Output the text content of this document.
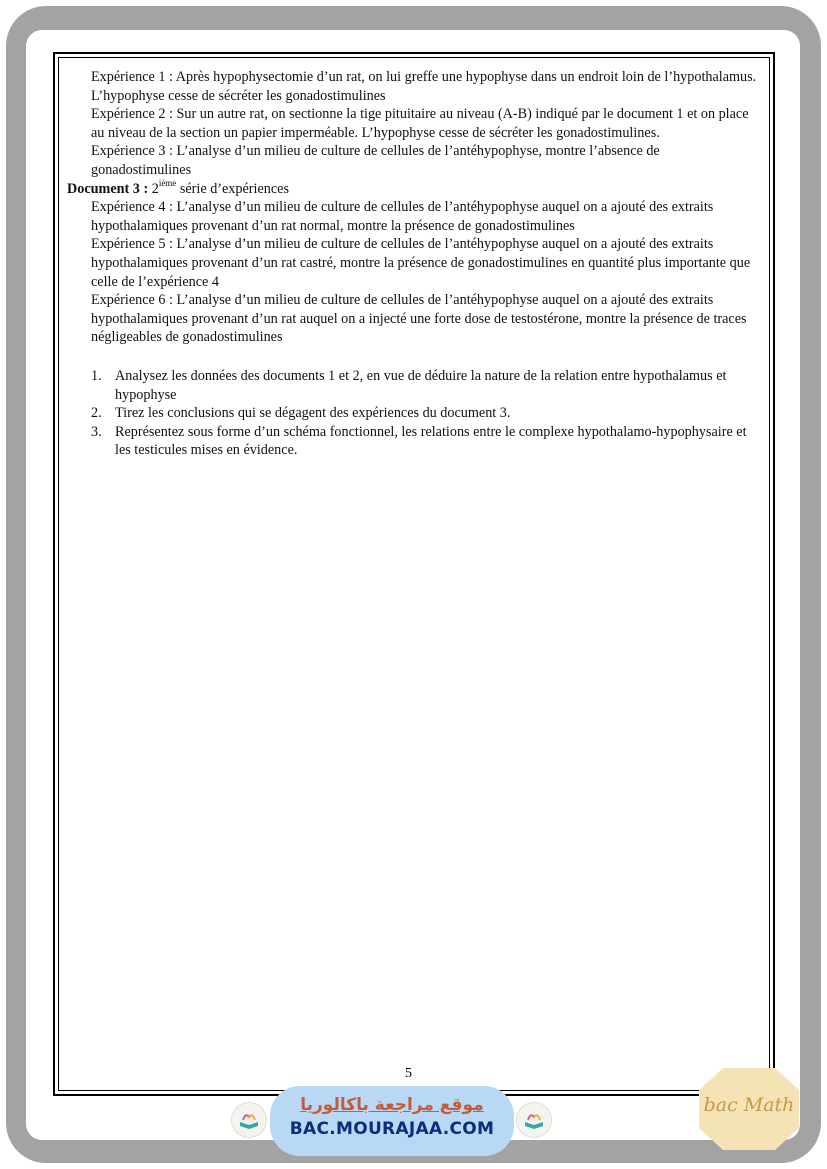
Expérience 1 : Après hypophysectomie d’un rat, on lui greffe une hypophyse dans un endroit loin de l’hypothalamus. L’hypophyse cesse de sécréter les gonadostimulines

Expérience 2 : Sur un autre rat, on sectionne la tige pituitaire au niveau (A-B) indiqué par le document 1 et on place au niveau de la section un papier imperméable. L’hypophyse cesse de sécréter les gonadostimulines.

Expérience 3 : L’analyse d’un milieu de culture de cellules de l’antéhypophyse, montre l’absence de gonadostimulines

Document 3 : 2ième série d’expériences

Expérience 4 : L’analyse d’un milieu de culture de cellules de l’antéhypophyse auquel on a ajouté des extraits hypothalamiques provenant d’un rat normal, montre la présence de gonadostimulines

Expérience 5 : L’analyse d’un milieu de culture de cellules de l’antéhypophyse auquel on a ajouté des extraits hypothalamiques provenant d’un rat castré, montre la présence de gonadostimulines en quantité plus importante que celle de l’expérience 4

Expérience 6 : L’analyse d’un milieu de culture de cellules de l’antéhypophyse auquel on a ajouté des extraits hypothalamiques provenant d’un rat auquel on a injecté une forte dose de testostérone, montre la présence de traces négligeables de gonadostimulines

1. Analysez les données des documents 1 et 2, en vue de déduire la nature de la relation entre hypothalamus et hypophyse
2. Tirez les conclusions qui se dégagent des expériences du document 3.
3. Représentez sous forme d’un schéma fonctionnel, les relations entre le complexe hypothalamo-hypophysaire et les testicules mises en évidence.
5
موقع مراجعة باكالوريا
BAC.MOURAJAA.COM
bac Math
